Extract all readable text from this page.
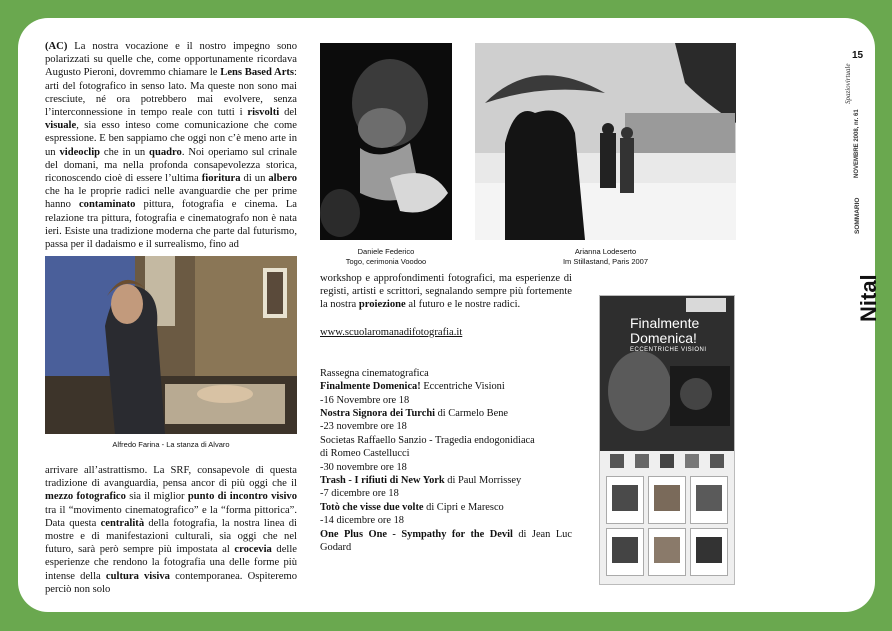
(AC) La nostra vocazione e il nostro impegno sono polarizzati su quelle che, come opportunamente ricordava Augusto Pieroni, dovremmo chiamare le Lens Based Arts: arti del fotografico in senso lato. Ma queste non sono mai cresciute, né ora potrebbero mai evolvere, senza l’interconnessione in tempo reale con tutti i risvolti del visuale, sia esso inteso come comunicazione che come espressione. E ben sappiamo che oggi non c’è meno arte in un videoclip che in un quadro. Noi operiamo sul crinale del domani, ma nella profonda consapevolezza storica, riconoscendo cioè di essere l’ultima fioritura di un albero che ha le proprie radici nelle avanguardie che per prime hanno contaminato pittura, fotografia e cinema. La relazione tra pittura, fotografia e cinematografo non è nata ieri. Esiste una tradizione moderna che parte dal futurismo, passa per il dadaismo e il surrealismo, fino ad

Alfredo Farina - La stanza di Alvaro

arrivare all’astrattismo. La SRF, consapevole di questa tradizione di avanguardia, pensa ancor di più oggi che il mezzo fotografico sia il miglior punto di incontro visivo tra il “movimento cinematografico” e la “forma pittorica”. Data questa centralità della fotografia, la nostra linea di mostre e di manifestazioni culturali, sia oggi che nel futuro, sarà però sempre più impostata al crocevia delle esperienze che rendono la fotografia una delle forme più intense della cultura visiva contemporanea. Ospiteremo perciò non solo

Daniele Federico
Togo, cerimonia Voodoo
Arianna Lodeserto
Im Stillastand, Paris 2007

workshop e approfondimenti fotografici, ma esperienze di registi, artisti e scrittori, segnalando sempre più fortemente la nostra proiezione al futuro e le nostre radici.

www.scuolaromanadifotografia.it

Rassegna cinematografica
Finalmente Domenica! Eccentriche Visioni
-16 Novembre ore 18
Nostra Signora dei Turchi di Carmelo Bene
-23 novembre ore 18
Societas Raffaello Sanzio - Tragedia endogonidiaca
di Romeo Castellucci
-30 novembre ore 18
Trash - I rifiuti di New York di Paul Morrissey
-7 dicembre ore 18
Totò che visse due volte di Cipri e Maresco
-14 dicembre ore 18
One Plus One - Sympathy for the Devil di Jean Luc Godard
Finalmente
Domenica!
ECCENTRICHE VISIONI
15
Spaziovirtuale
NOVEMBRE 2008, nr. 61
SOMMARIO
Nital
